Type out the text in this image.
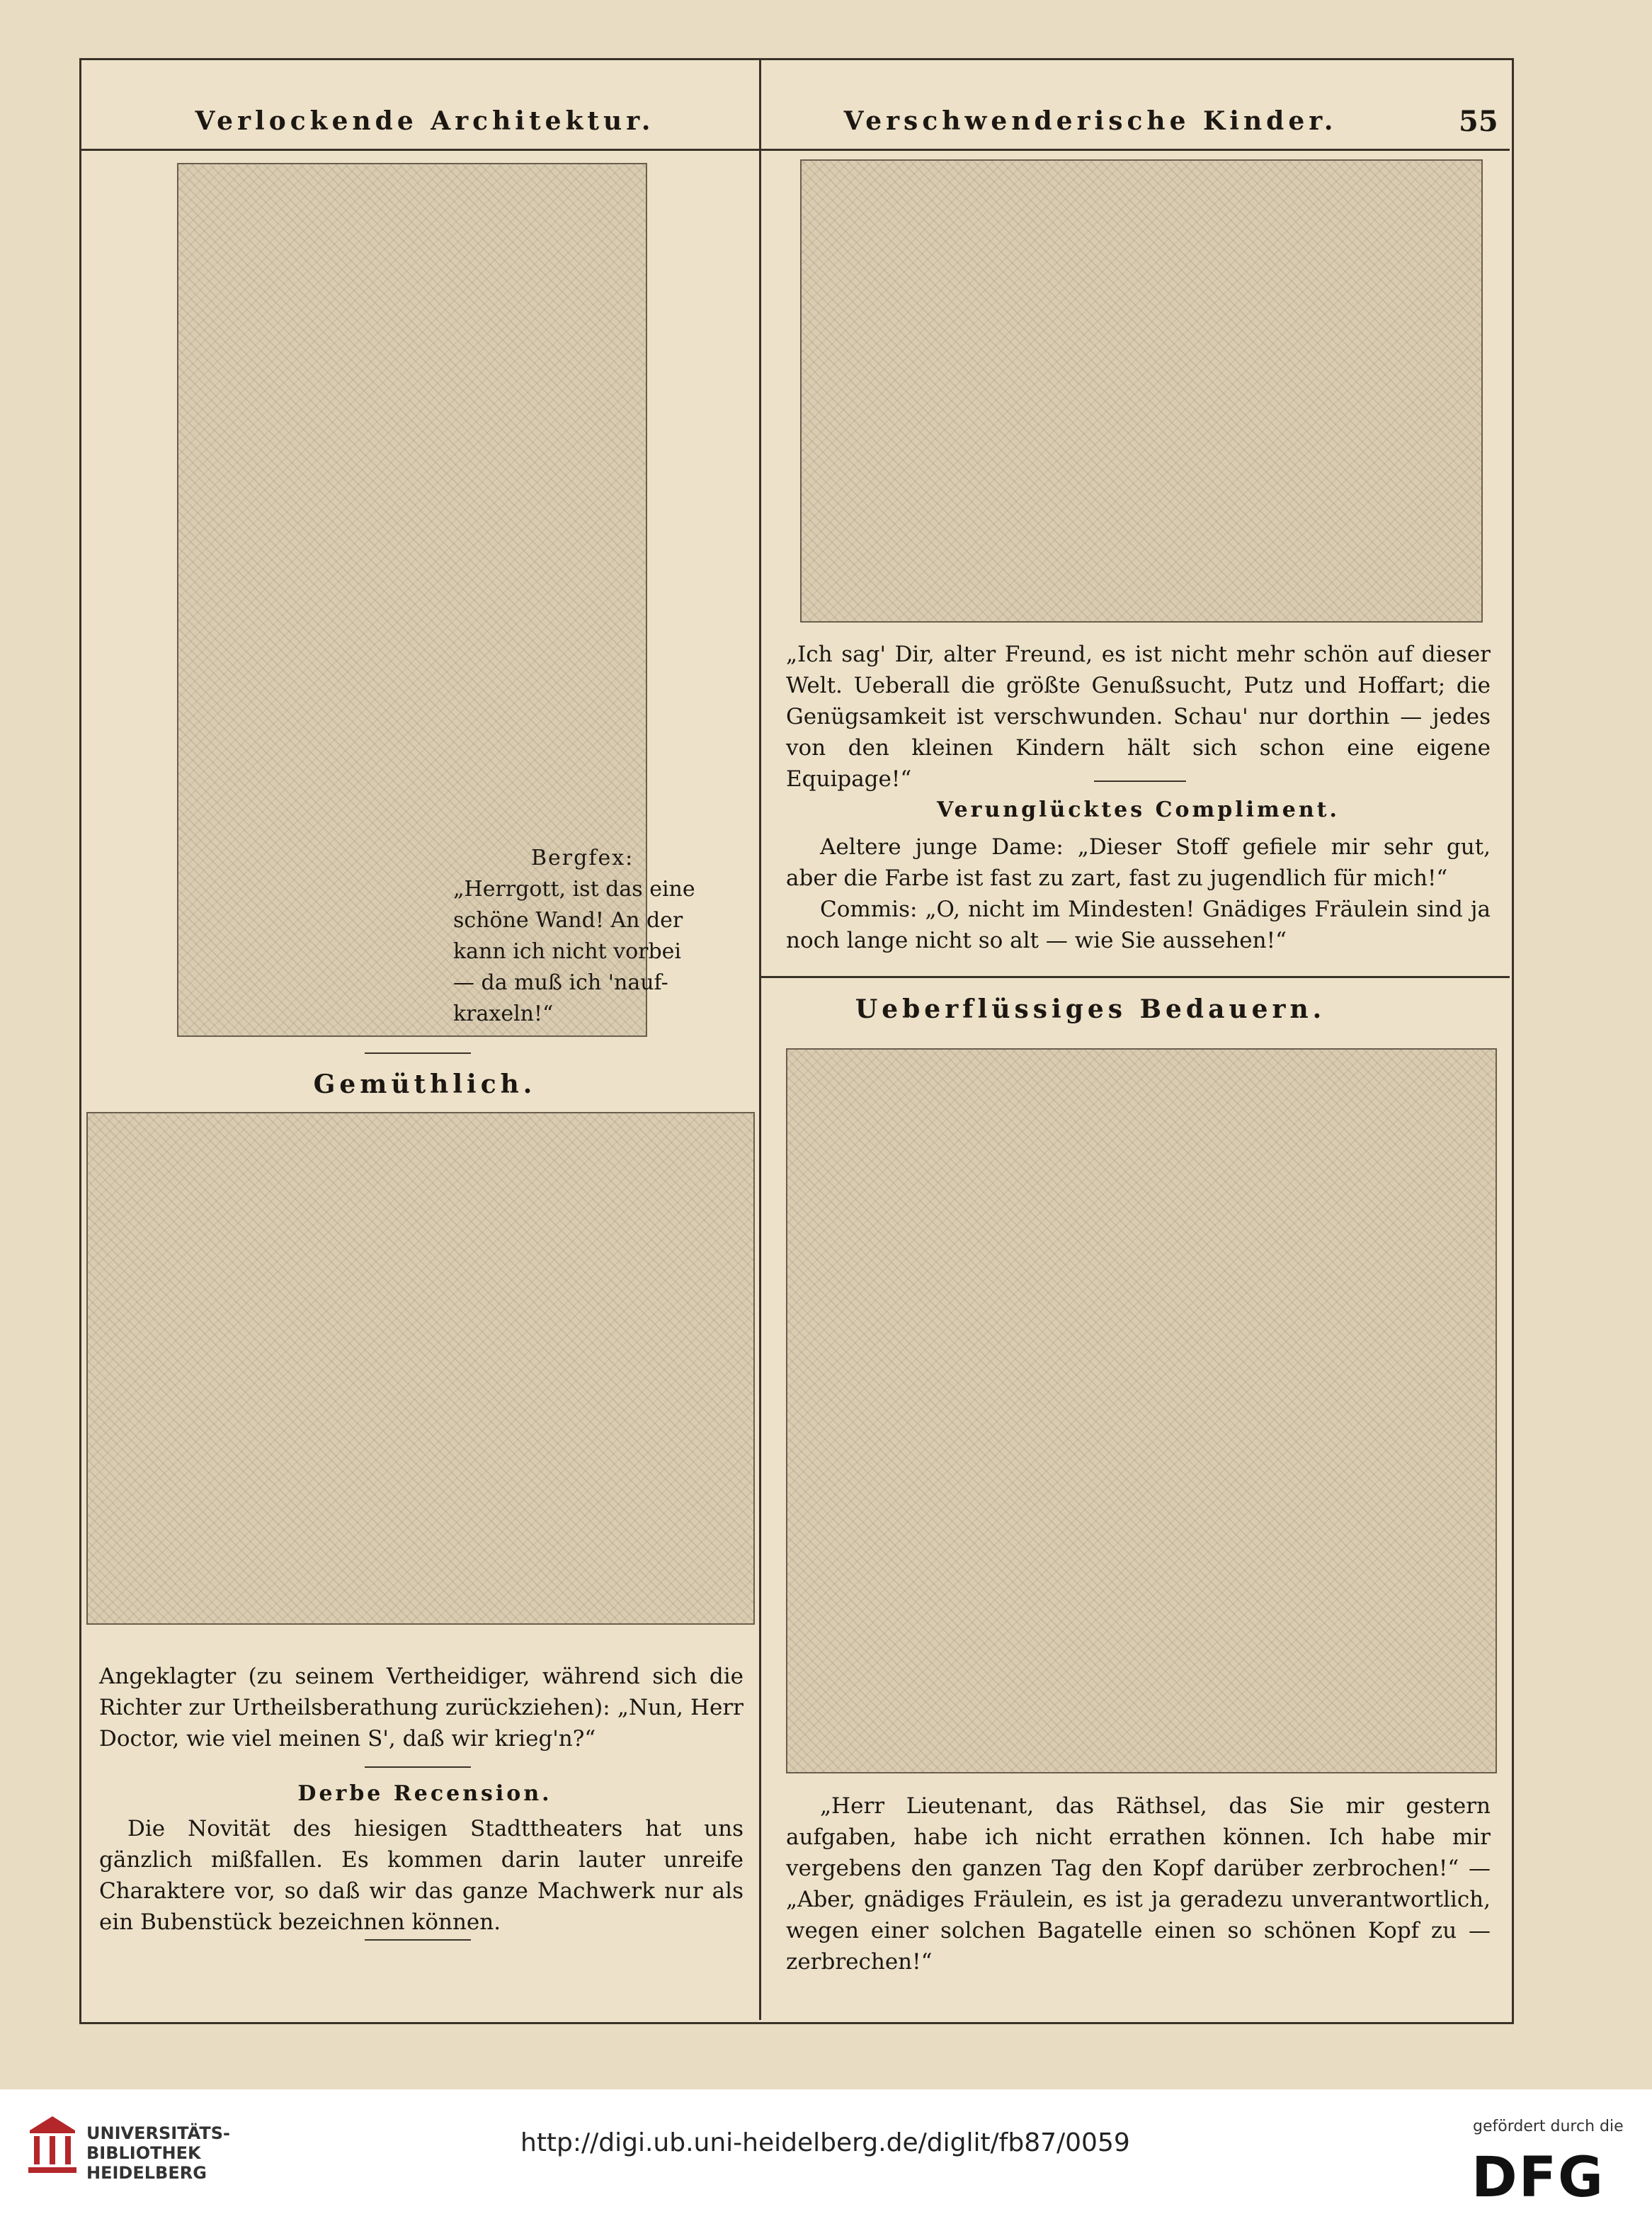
Verlockende Architektur.

Bergfex:

„Herrgott, ist das eine

schöne Wand! An der

kann ich nicht vorbei

— da muß ich 'nauf-

kraxeln!“

Gemüthlich.
Angeklagter (zu seinem Vertheidiger, während sich die Richter zur Urtheilsberathung zurückziehen): „Nun, Herr Doctor, wie viel meinen S', daß wir krieg'n?“
Derbe Recension.
Die Novität des hiesigen Stadttheaters hat uns gänzlich mißfallen. Es kommen darin lauter unreife Charaktere vor, so daß wir das ganze Machwerk nur als ein Bubenstück bezeichnen können.
Verschwenderische Kinder.	55
„Ich sag' Dir, alter Freund, es ist nicht mehr schön auf dieser Welt. Ueberall die größte Genußsucht, Putz und Hoffart; die Genügsamkeit ist verschwunden. Schau' nur dorthin — jedes von den kleinen Kindern hält sich schon eine eigene Equipage!“
Verunglücktes Compliment.
Aeltere junge Dame: „Dieser Stoff gefiele mir sehr gut, aber die Farbe ist fast zu zart, fast zu jugendlich für mich!“
Commis: „O, nicht im Mindesten! Gnädiges Fräulein sind ja noch lange nicht so alt — wie Sie aussehen!“
Ueberflüssiges Bedauern.
„Herr Lieutenant, das Räthsel, das Sie mir gestern aufgaben, habe ich nicht errathen können. Ich habe mir vergebens den ganzen Tag den Kopf darüber zerbrochen!“ — „Aber, gnädiges Fräulein, es ist ja geradezu unverantwortlich, wegen einer solchen Bagatelle einen so schönen Kopf zu — zerbrechen!“
UNIVERSITÄTS-
BIBLIOTHEK
HEIDELBERG
http://digi.ub.uni-heidelberg.de/diglit/fb87/0059
gefördert durch die
DFG
